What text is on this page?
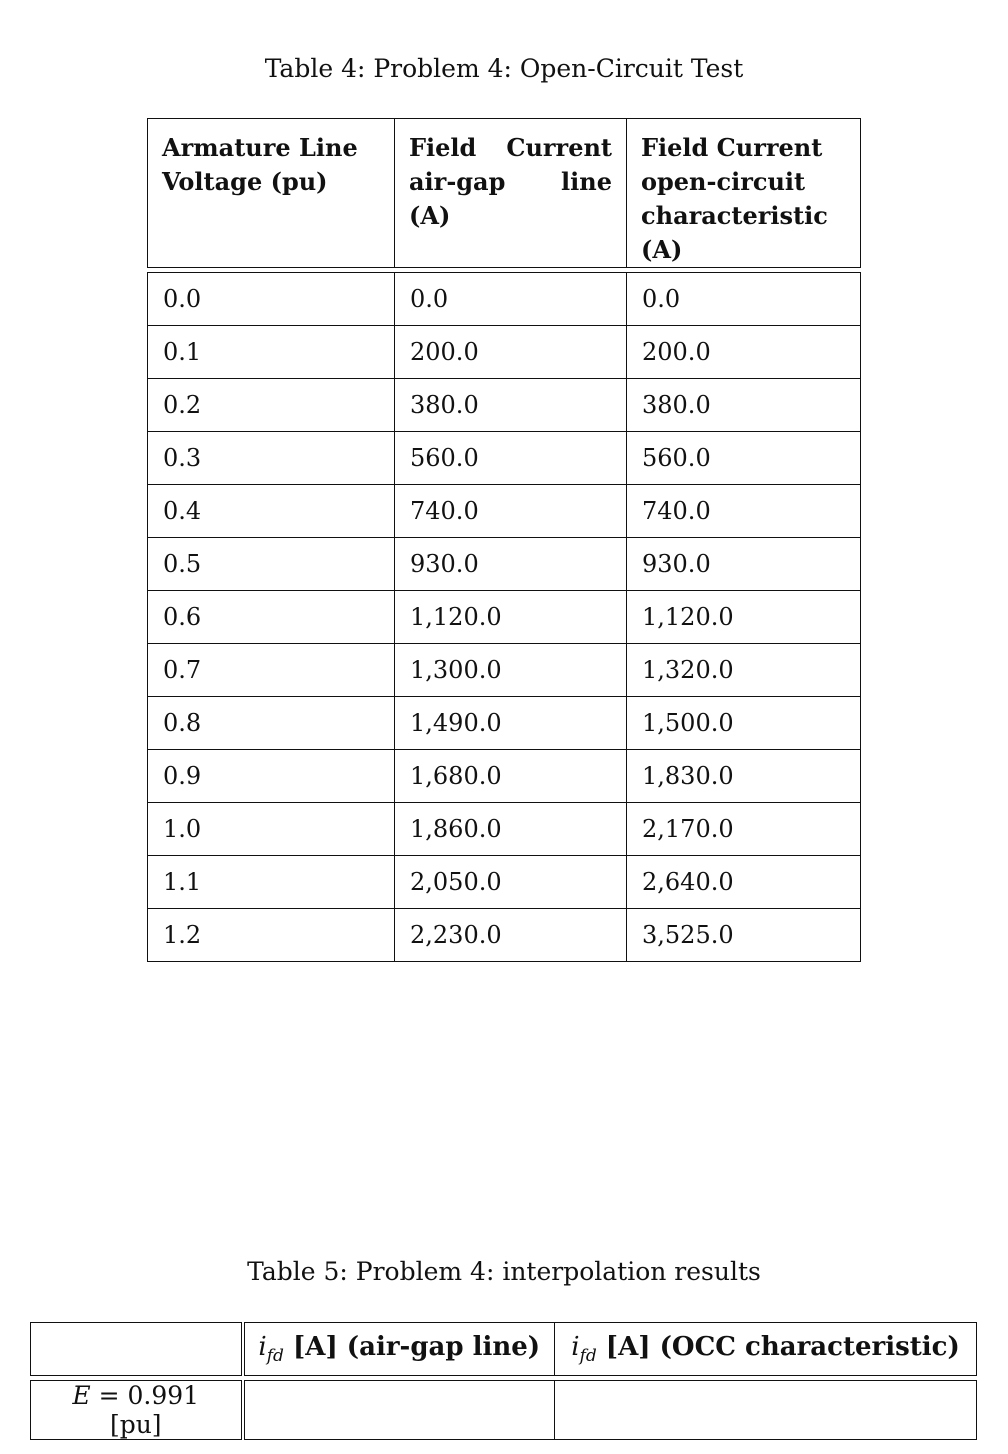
Table 4: Problem 4: Open-Circuit Test
Armature Line Voltage (pu)	Field Current air-gap line (A)	Field Current open-circuit characteristic (A)

0.0	0.0	0.0
0.1	200.0	200.0
0.2	380.0	380.0
0.3	560.0	560.0
0.4	740.0	740.0
0.5	930.0	930.0
0.6	1,120.0	1,120.0
0.7	1,300.0	1,320.0
0.8	1,490.0	1,500.0
0.9	1,680.0	1,830.0
1.0	1,860.0	2,170.0
1.1	2,050.0	2,640.0
1.2	2,230.0	3,525.0
Table 5: Problem 4: interpolation results
	$i_{fd}$ [A] (air-gap line)	$i_{fd}$ [A] (OCC characteristic)

E = 0.991 [pu]		
